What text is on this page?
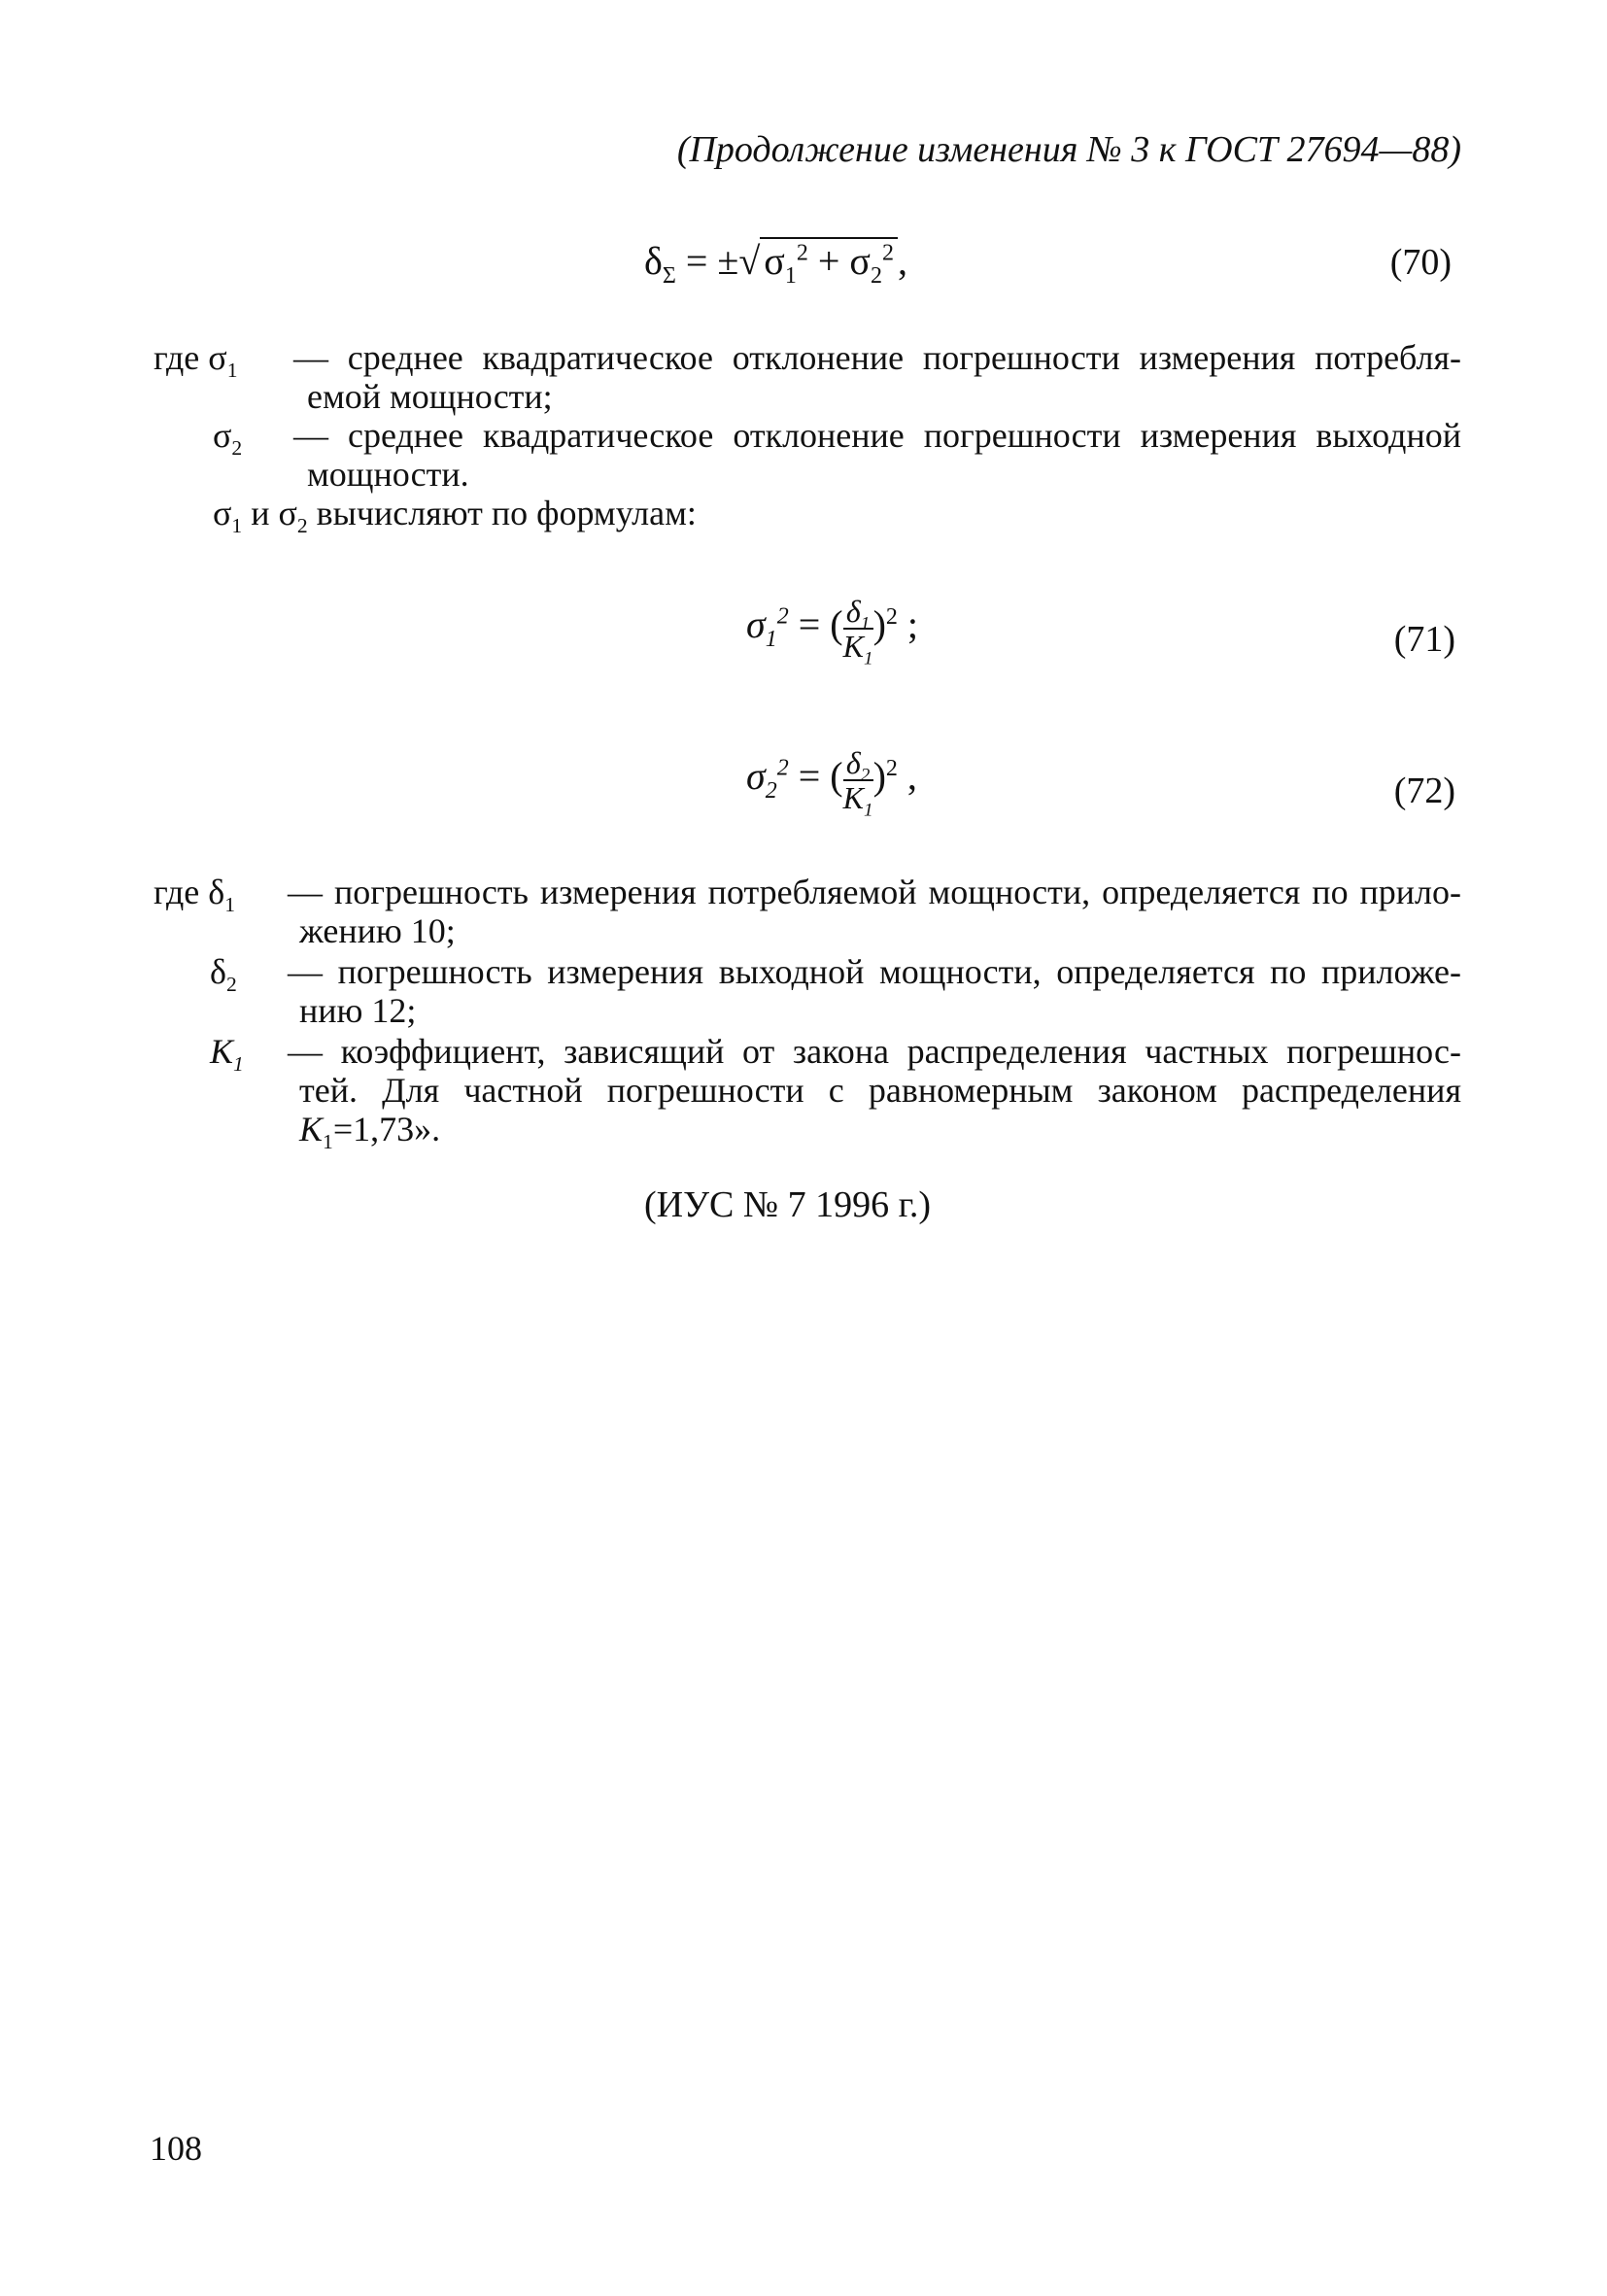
(Продолжение изменения № 3 к ГОСТ 27694—88)
$\delta_\Sigma$ = ±√ $\sigma_1^2 + \sigma_2^2$ ,	(70)
где $\sigma_1$ — среднее квадратическое отклонение погрешности измерения потребля-
емой мощности;
$\sigma_2$ — среднее квадратическое отклонение погрешности измерения выходной
мощности.
$\sigma_1$ и $\sigma_2$ вычисляют по формулам:
$\sigma_1^2$ = ( $\frac{\delta_1}{K_1} )^2$ ;	(71)
$\sigma_2^2$ = ( $\frac{\delta_2}{K_1} )^2$ ,	(72)
где $\delta_1$ — погрешность измерения потребляемой мощности, определяется по прило-
жению 10;
$\delta_2$ — погрешность измерения выходной мощности, определяется по приложе-
нию 12;
$K_1$ — коэффициент, зависящий от закона распределения частных погрешнос-
тей. Для частной погрешности с равномерным законом распределения
$K_1=1,73$».
(ИУС № 7 1996 г.)
108
